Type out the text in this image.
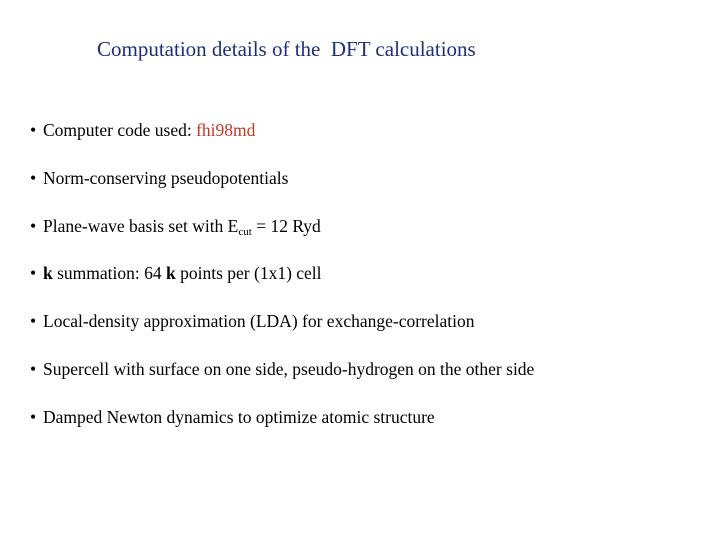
Computation details of the  DFT calculations
• Computer code used: fhi98md
• Norm-conserving pseudopotentials
• Plane-wave basis set with $E_{cut} = 12$ Ryd
• k summation: 64 k points per (1x1) cell
• Local-density approximation (LDA) for exchange-correlation
• Supercell with surface on one side, pseudo-hydrogen on the other side
• Damped Newton dynamics to optimize atomic structure
